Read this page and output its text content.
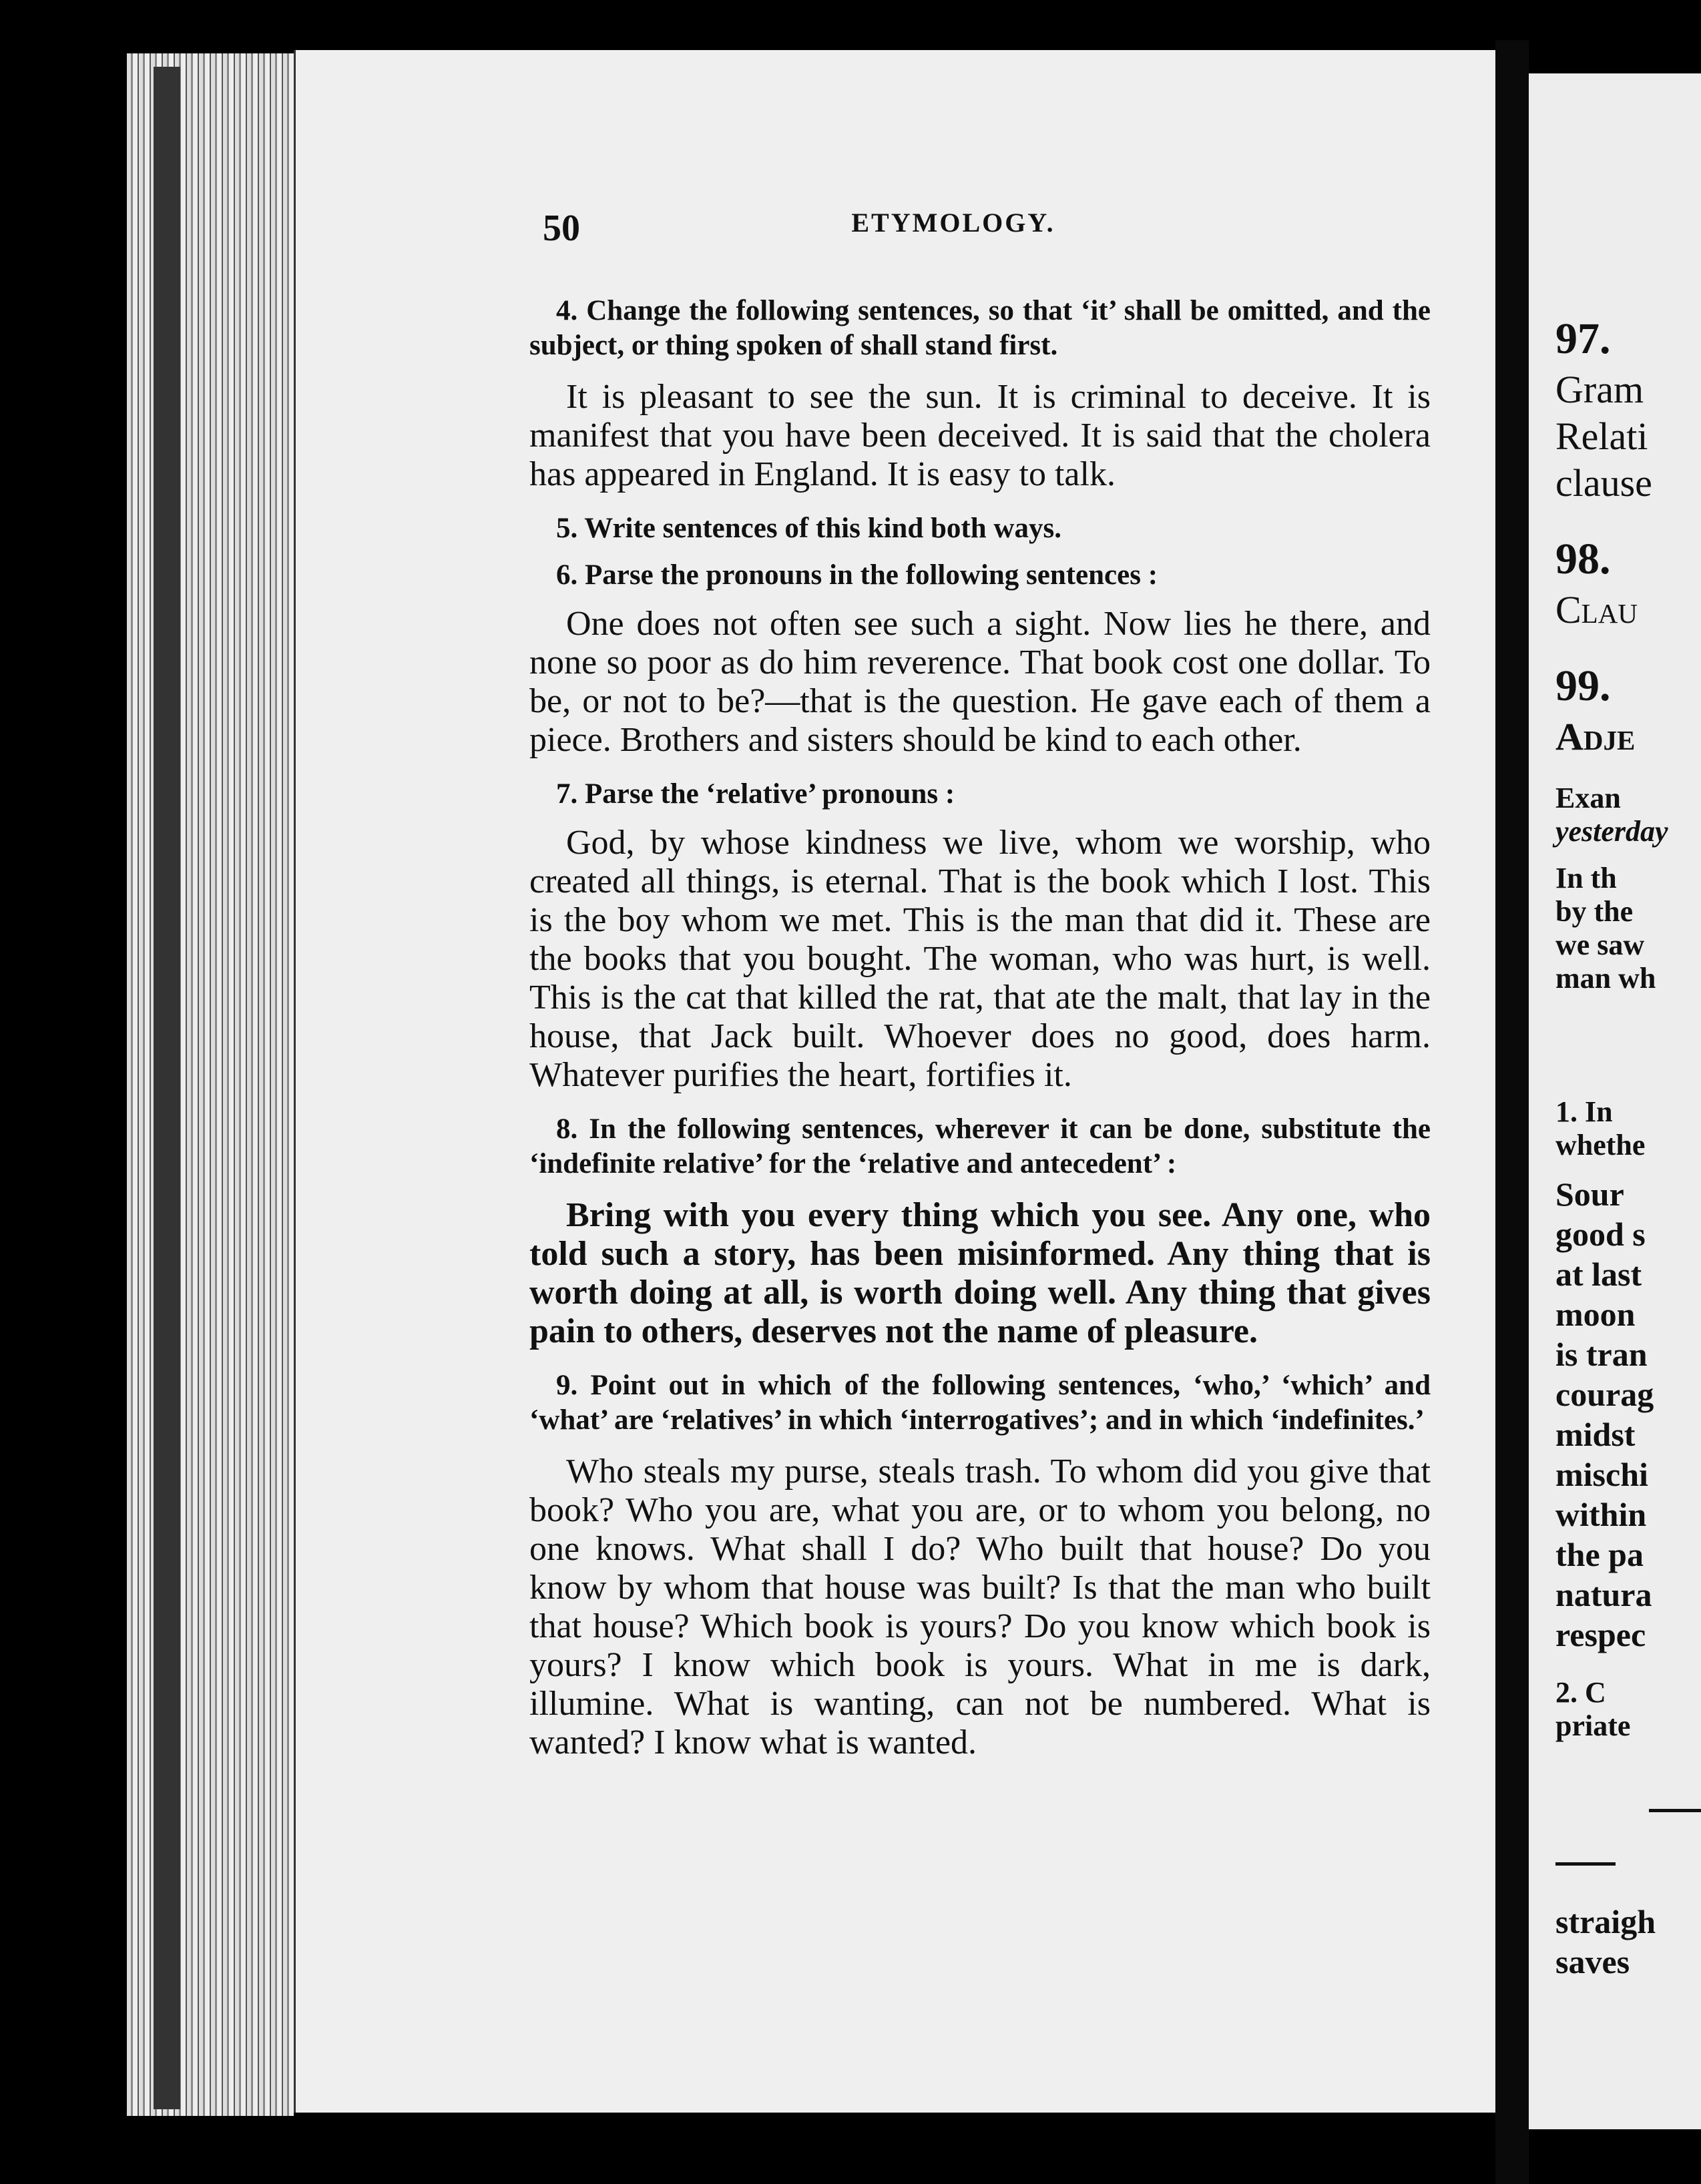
50	ETYMOLOGY.

4. Change the following sentences, so that ‘it’ shall be omitted, and the subject, or thing spoken of shall stand first.

It is pleasant to see the sun. It is criminal to deceive. It is manifest that you have been deceived. It is said that the cholera has appeared in England. It is easy to talk.

5. Write sentences of this kind both ways.

6. Parse the pronouns in the following sentences :

One does not often see such a sight. Now lies he there, and none so poor as do him reverence. That book cost one dollar. To be, or not to be?—that is the question. He gave each of them a piece. Brothers and sisters should be kind to each other.

7. Parse the ‘relative’ pronouns :

God, by whose kindness we live, whom we worship, who created all things, is eternal. That is the book which I lost. This is the boy whom we met. This is the man that did it. These are the books that you bought. The woman, who was hurt, is well. This is the cat that killed the rat, that ate the malt, that lay in the house, that Jack built. Whoever does no good, does harm. Whatever purifies the heart, fortifies it.

8. In the following sentences, wherever it can be done, substitute the ‘indefinite relative’ for the ‘relative and antecedent’ :

Bring with you every thing which you see. Any one, who told such a story, has been misinformed. Any thing that is worth doing at all, is worth doing well. Any thing that gives pain to others, deserves not the name of pleasure.

9. Point out in which of the following sentences, ‘who,’ ‘which’ and ‘what’ are ‘relatives’ in which ‘interrogatives’; and in which ‘indefinites.’

Who steals my purse, steals trash. To whom did you give that book? Who you are, what you are, or to whom you belong, no one knows. What shall I do? Who built that house? Do you know by whom that house was built? Is that the man who built that house? Which book is yours? Do you know which book is yours? I know which book is yours. What in me is dark, illumine. What is wanting, can not be numbered. What is wanted? I know what is wanted.

97.
Gram
Relati
clause
98.
Clau
99.
Adje
Exan
yesterday
In th
by the
we saw
man wh
1. In
whethe
Sour
good s
at last
moon
is tran
courag
midst
mischi
within
the pa
natura
respec
2. C
priate
straigh
saves
